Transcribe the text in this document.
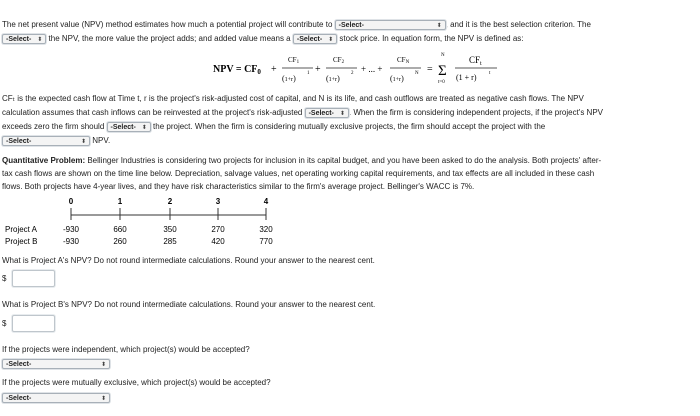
The net present value (NPV) method estimates how much a potential project will contribute to -Select-	⬍ , and it is the best selection criterion. The
-Select- ⬍ the NPV, the more value the project adds; and added value means a -Select- ⬍ stock price. In equation form, the NPV is defined as:
NPV = $CF_0$ +
CF1
(1+r)
1 +
CF2
(1+r)
2 + ... +
CFN
(1+r)
N =
N
Σ
t=0
$CF_t$
(1 + r) t
CFₜ is the expected cash flow at Time t, r is the project's risk-adjusted cost of capital, and N is its life, and cash outflows are treated as negative cash flows. The NPV
calculation assumes that cash inflows can be reinvested at the project's risk-adjusted -Select- ⬍ . When the firm is considering independent projects, if the project's NPV
exceeds zero the firm should -Select- ⬍ the project. When the firm is considering mutually exclusive projects, the firm should accept the project with the
-Select-	⬍ NPV.
Quantitative Problem: Bellinger Industries is considering two projects for inclusion in its capital budget, and you have been asked to do the analysis. Both projects' after-
tax cash flows are shown on the time line below. Depreciation, salvage values, net operating working capital requirements, and tax effects are all included in these cash
flows. Both projects have 4-year lives, and they have risk characteristics similar to the firm's average project. Bellinger's WACC is 7%.
0	1	2	3	4
Project A	-930	660	350	270	320
Project B	-930	260	285	420	770
What is Project A's NPV? Do not round intermediate calculations. Round your answer to the nearest cent.
$
What is Project B's NPV? Do not round intermediate calculations. Round your answer to the nearest cent.
$
If the projects were independent, which project(s) would be accepted?
-Select-	⬍
If the projects were mutually exclusive, which project(s) would be accepted?
-Select-	⬍
